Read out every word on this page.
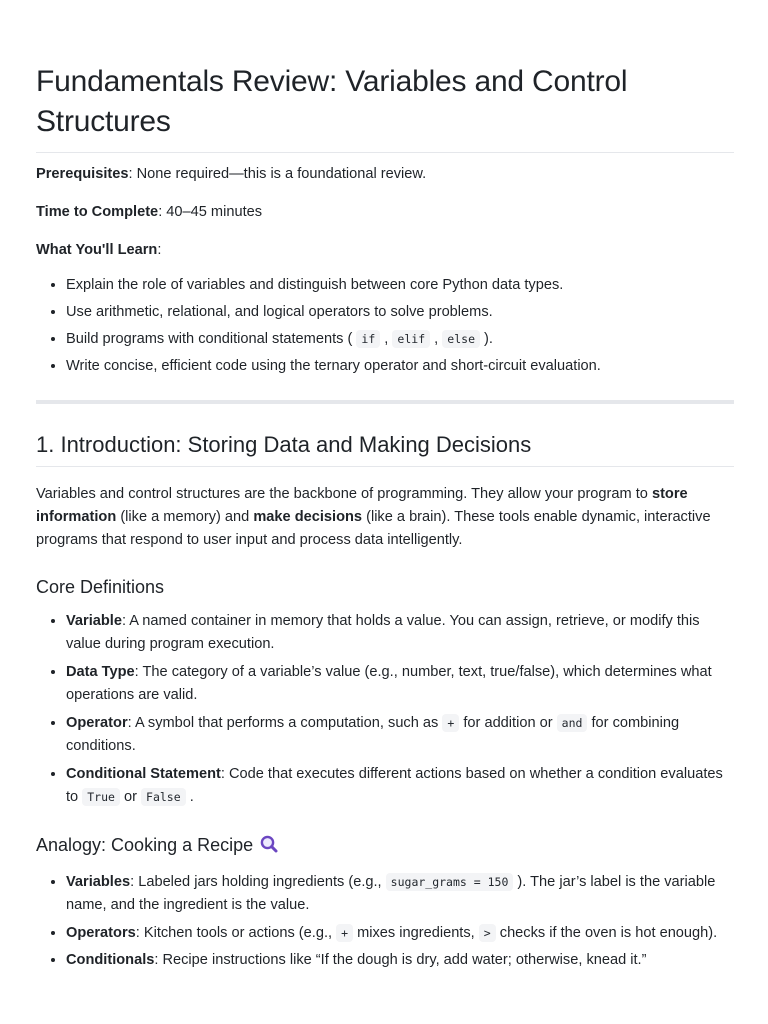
Fundamentals Review: Variables and Control Structures

Prerequisites: None required—this is a foundational review.

Time to Complete: 40–45 minutes

What You'll Learn:

• Explain the role of variables and distinguish between core Python data types.
• Use arithmetic, relational, and logical operators to solve problems.
• Build programs with conditional statements ( if , elif , else ).
• Write concise, efficient code using the ternary operator and short-circuit evaluation.
1. Introduction: Storing Data and Making Decisions

Variables and control structures are the backbone of programming. They allow your program to store information (like a memory) and make decisions (like a brain). These tools enable dynamic, interactive programs that respond to user input and process data intelligently.

Core Definitions
• Variable: A named container in memory that holds a value. You can assign, retrieve, or modify this value during program execution.
• Data Type: The category of a variable’s value (e.g., number, text, true/false), which determines what operations are valid.
• Operator: A symbol that performs a computation, such as + for addition or and for combining conditions.
• Conditional Statement: Code that executes different actions based on whether a condition evaluates to True or False .
Analogy: Cooking a Recipe
• Variables: Labeled jars holding ingredients (e.g., sugar_grams = 150 ). The jar’s label is the variable name, and the ingredient is the value.
• Operators: Kitchen tools or actions (e.g., + mixes ingredients, > checks if the oven is hot enough).
• Conditionals: Recipe instructions like “If the dough is dry, add water; otherwise, knead it.”
